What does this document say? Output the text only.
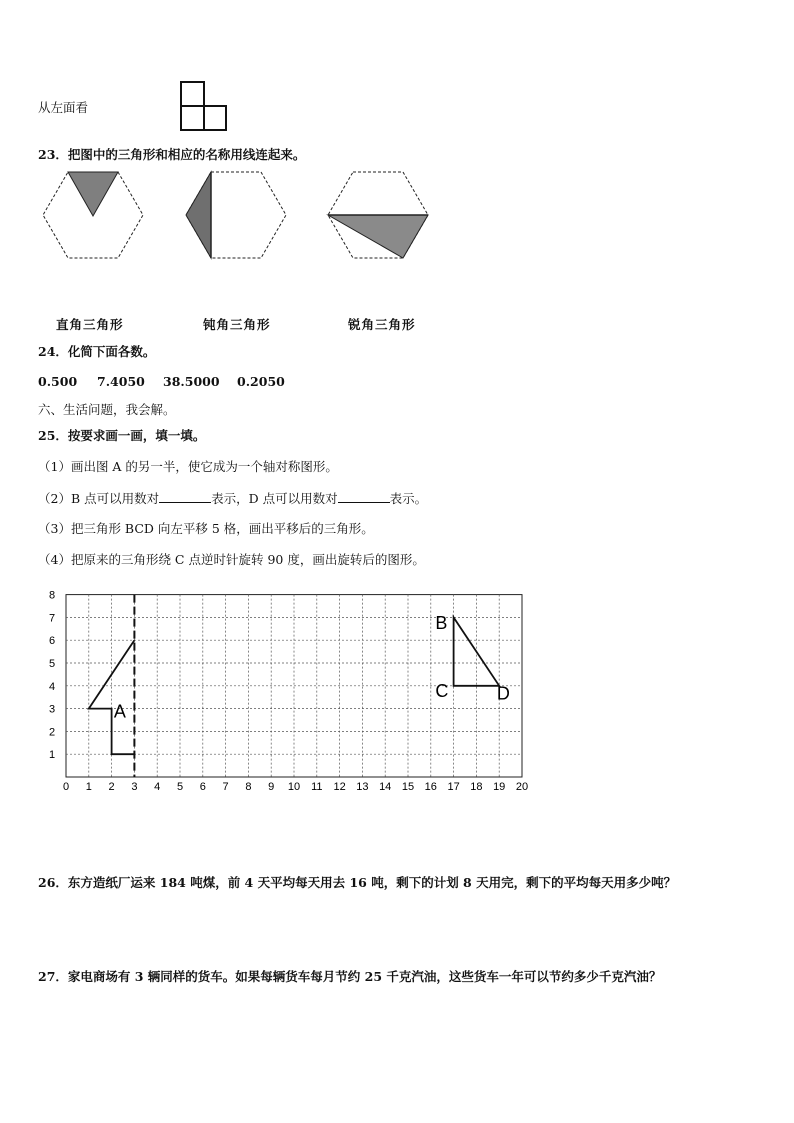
从左面看
23．把图中的三角形和相应的名称用线连起来。
直角三角形	钝角三角形	锐角三角形
24．化简下面各数。
0.500 7.4050 38.5000 0.2050
六、生活问题，我会解。
25．按要求画一画，填一填。
（1）画出图 A 的另一半，使它成为一个轴对称图形。
（2）B 点可以用数对	表示，D 点可以用数对	表示。
（3）把三角形 BCD 向左平移 5 格，画出平移后的三角形。
（4）把原来的三角形绕 C 点逆时针旋转 90 度，画出旋转后的图形。
0 1 2 3 4 5 6 7 8 9 10 11 12 13 14 15 16 17 18 19 20
1
2
3
4
5
6
7
8
A
B
C	D
26．东方造纸厂运来 184 吨煤，前 4 天平均每天用去 16 吨，剩下的计划 8 天用完，剩下的平均每天用多少吨？
27．家电商场有 3 辆同样的货车。如果每辆货车每月节约 25 千克汽油，这些货车一年可以节约多少千克汽油？
